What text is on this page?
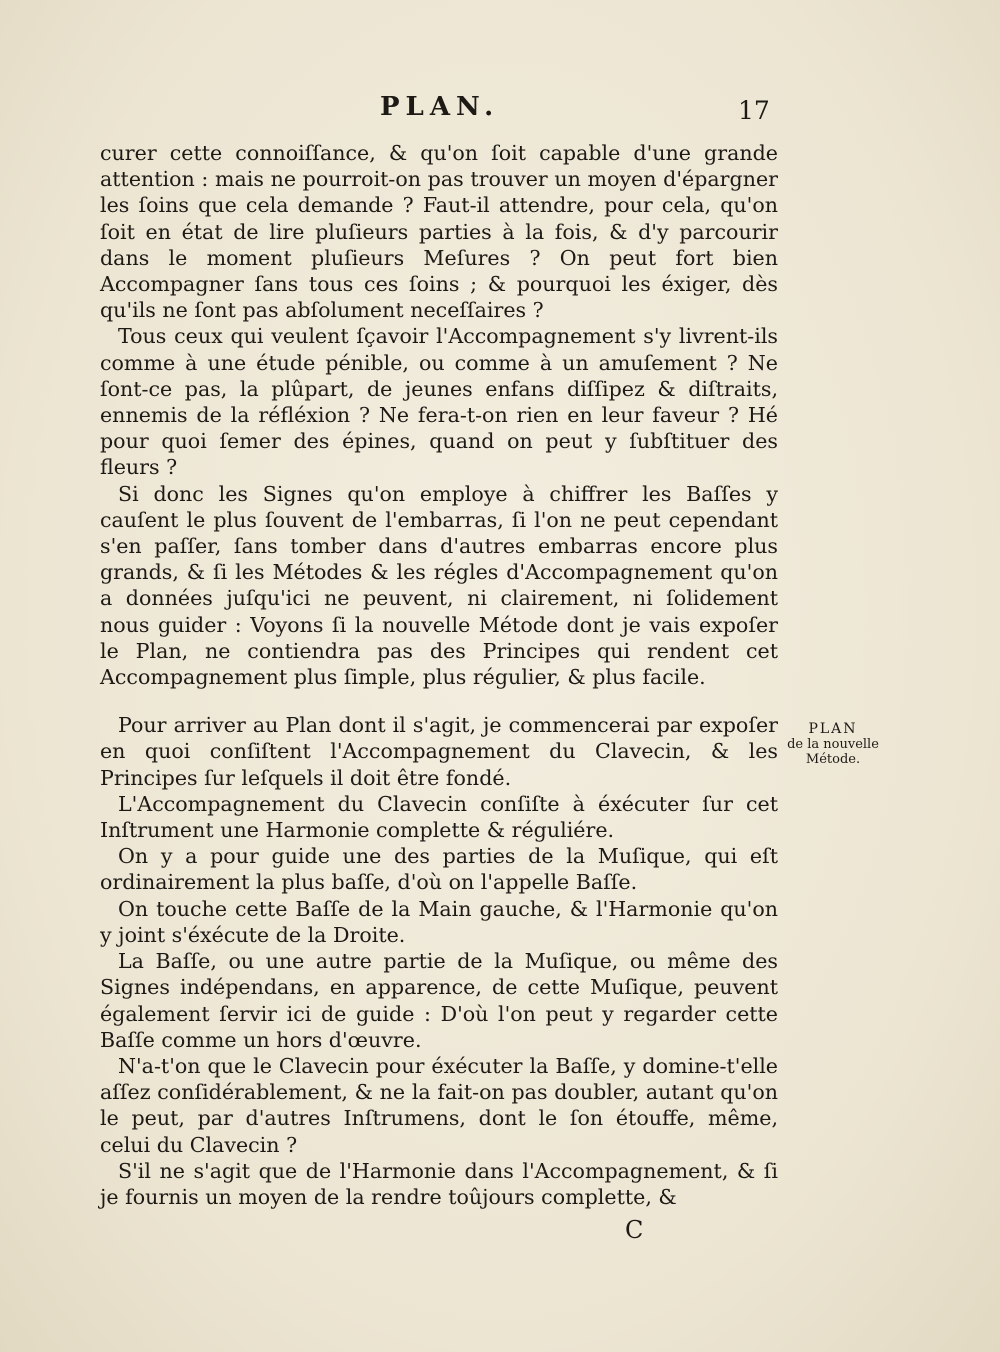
PLAN.	17

curer cette connoiſſance, & qu'on ſoit capable d'une grande attention : mais ne pourroit-on pas trouver un moyen d'épargner les ſoins que cela demande ? Faut-il attendre, pour cela, qu'on ſoit en état de lire pluſieurs parties à la fois, & d'y parcourir dans le moment pluſieurs Meſures ? On peut fort bien Accompagner ſans tous ces ſoins ; & pourquoi les éxiger, dès qu'ils ne ſont pas abſolument neceſſaires ?

Tous ceux qui veulent ſçavoir l'Accompagnement s'y livrent-ils comme à une étude pénible, ou comme à un amuſement ? Ne ſont-ce pas, la plûpart, de jeunes enfans diſſipez & diſtraits, ennemis de la réfléxion ? Ne fera-t-on rien en leur faveur ? Hé pour quoi ſemer des épines, quand on peut y ſubſtituer des fleurs ?

Si donc les Signes qu'on employe à chiffrer les Baſſes y cauſent le plus ſouvent de l'embarras, ſi l'on ne peut cependant s'en paſſer, ſans tomber dans d'autres embarras encore plus grands, & ſi les Métodes & les régles d'Accompagnement qu'on a données juſqu'ici ne peuvent, ni clairement, ni ſolidement nous guider : Voyons ſi la nouvelle Métode dont je vais expoſer le Plan, ne contiendra pas des Principes qui rendent cet Accompagnement plus ſimple, plus régulier, & plus facile.

Pour arriver au Plan dont il s'agit, je commencerai par expoſer en quoi conſiſtent l'Accompagnement du Clavecin, & les Principes ſur leſquels il doit être fondé.

L'Accompagnement du Clavecin conſiſte à éxécuter ſur cet Inſtrument une Harmonie complette & réguliére.

On y a pour guide une des parties de la Muſique, qui eſt ordinairement la plus baſſe, d'où on l'appelle Baſſe.

On touche cette Baſſe de la Main gauche, & l'Harmonie qu'on y joint s'éxécute de la Droite.

La Baſſe, ou une autre partie de la Muſique, ou même des Signes indépendans, en apparence, de cette Muſique, peuvent également ſervir ici de guide : D'où l'on peut y regarder cette Baſſe comme un hors d'œuvre.

N'a-t'on que le Clavecin pour éxécuter la Baſſe, y domine-t'elle aſſez conſidérablement, & ne la fait-on pas doubler, autant qu'on le peut, par d'autres Inſtrumens, dont le ſon étouffe, même, celui du Clavecin ?

S'il ne s'agit que de l'Harmonie dans l'Accompagnement, & ſi je fournis un moyen de la rendre toûjours complette, &

PLAN
de la nouvelle
Métode.
C
